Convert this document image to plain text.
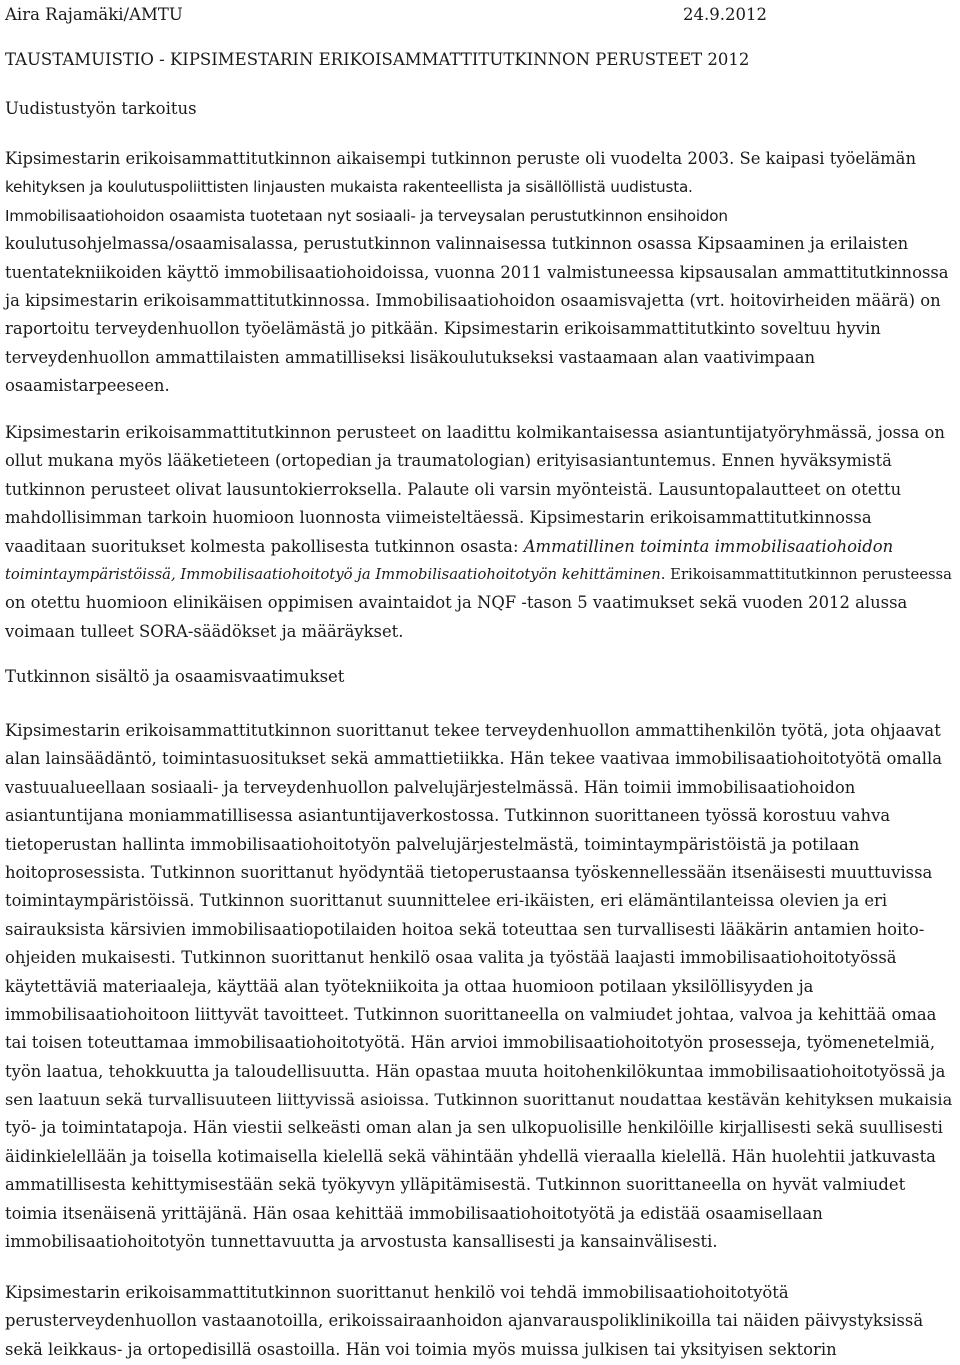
Aira Rajamäki/AMTU	24.9.2012
TAUSTAMUISTIO - KIPSIMESTARIN ERIKOISAMMATTITUTKINNON PERUSTEET 2012
Uudistustyön tarkoitus
Kipsimestarin erikoisammattitutkinnon aikaisempi tutkinnon peruste oli vuodelta 2003. Se kaipasi työelämän
kehityksen ja koulutuspoliittisten linjausten mukaista rakenteellista ja sisällöllistä uudistusta.
Immobilisaatiohoidon osaamista tuotetaan nyt sosiaali- ja terveysalan perustutkinnon ensihoidon
koulutusohjelmassa/osaamisalassa, perustutkinnon valinnaisessa tutkinnon osassa Kipsaaminen ja erilaisten
tuentatekniikoiden käyttö immobilisaatiohoidoissa, vuonna 2011 valmistuneessa kipsausalan ammattitutkinnossa
ja kipsimestarin erikoisammattitutkinnossa. Immobilisaatiohoidon osaamisvajetta (vrt. hoitovirheiden määrä) on
raportoitu terveydenhuollon työelämästä jo pitkään. Kipsimestarin erikoisammattitutkinto soveltuu hyvin
terveydenhuollon ammattilaisten ammatilliseksi lisäkoulutukseksi vastaamaan alan vaativimpaan
osaamistarpeeseen.
Kipsimestarin erikoisammattitutkinnon perusteet on laadittu kolmikantaisessa asiantuntijatyöryhmässä, jossa on
ollut mukana myös lääketieteen (ortopedian ja traumatologian) erityisasiantuntemus. Ennen hyväksymistä
tutkinnon perusteet olivat lausuntokierroksella. Palaute oli varsin myönteistä. Lausuntopalautteet on otettu
mahdollisimman tarkoin huomioon luonnosta viimeisteltäessä. Kipsimestarin erikoisammattitutkinnossa
vaaditaan suoritukset kolmesta pakollisesta tutkinnon osasta: Ammatillinen toiminta immobilisaatiohoidon
toimintaympäristöissä, Immobilisaatiohoitotyö ja Immobilisaatiohoitotyön kehittäminen . Erikoisammattitutkinnon perusteessa
on otettu huomioon elinikäisen oppimisen avaintaidot ja NQF -tason 5 vaatimukset sekä vuoden 2012 alussa
voimaan tulleet SORA-säädökset ja määräykset.
Tutkinnon sisältö ja osaamisvaatimukset
Kipsimestarin erikoisammattitutkinnon suorittanut tekee terveydenhuollon ammattihenkilön työtä, jota ohjaavat
alan lainsäädäntö, toimintasuositukset sekä ammattietiikka. Hän tekee vaativaa immobilisaatiohoitotyötä omalla
vastuualueellaan sosiaali- ja terveydenhuollon palvelujärjestelmässä. Hän toimii immobilisaatiohoidon
asiantuntijana moniammatillisessa asiantuntijaverkostossa. Tutkinnon suorittaneen työssä korostuu vahva
tietoperustan hallinta immobilisaatiohoitotyön palvelujärjestelmästä, toimintaympäristöistä ja potilaan
hoitoprosessista. Tutkinnon suorittanut hyödyntää tietoperustaansa työskennellessään itsenäisesti muuttuvissa
toimintaympäristöissä. Tutkinnon suorittanut suunnittelee eri-ikäisten, eri elämäntilanteissa olevien ja eri
sairauksista kärsivien immobilisaatiopotilaiden hoitoa sekä toteuttaa sen turvallisesti lääkärin antamien hoito-
ohjeiden mukaisesti. Tutkinnon suorittanut henkilö osaa valita ja työstää laajasti immobilisaatiohoitotyössä
käytettäviä materiaaleja, käyttää alan työtekniikoita ja ottaa huomioon potilaan yksilöllisyyden ja
immobilisaatiohoitoon liittyvät tavoitteet. Tutkinnon suorittaneella on valmiudet johtaa, valvoa ja kehittää omaa
tai toisen toteuttamaa immobilisaatiohoitotyötä. Hän arvioi immobilisaatiohoitotyön prosesseja, työmenetelmiä,
työn laatua, tehokkuutta ja taloudellisuutta. Hän opastaa muuta hoitohenkilökuntaa immobilisaatiohoitotyössä ja
sen laatuun sekä turvallisuuteen liittyvissä asioissa. Tutkinnon suorittanut noudattaa kestävän kehityksen mukaisia
työ- ja toimintatapoja. Hän viestii selkeästi oman alan ja sen ulkopuolisille henkilöille kirjallisesti sekä suullisesti
äidinkielellään ja toisella kotimaisella kielellä sekä vähintään yhdellä vieraalla kielellä. Hän huolehtii jatkuvasta
ammatillisesta kehittymisestään sekä työkyvyn ylläpitämisestä. Tutkinnon suorittaneella on hyvät valmiudet
toimia itsenäisenä yrittäjänä. Hän osaa kehittää immobilisaatiohoitotyötä ja edistää osaamisellaan
immobilisaatiohoitotyön tunnettavuutta ja arvostusta kansallisesti ja kansainvälisesti.
Kipsimestarin erikoisammattitutkinnon suorittanut henkilö voi tehdä immobilisaatiohoitotyötä
perusterveydenhuollon vastaanotoilla, erikoissairaanhoidon ajanvarauspoliklinikoilla tai näiden päivystyksissä
sekä leikkaus- ja ortopedisillä osastoilla. Hän voi toimia myös muissa julkisen tai yksityisen sektorin
